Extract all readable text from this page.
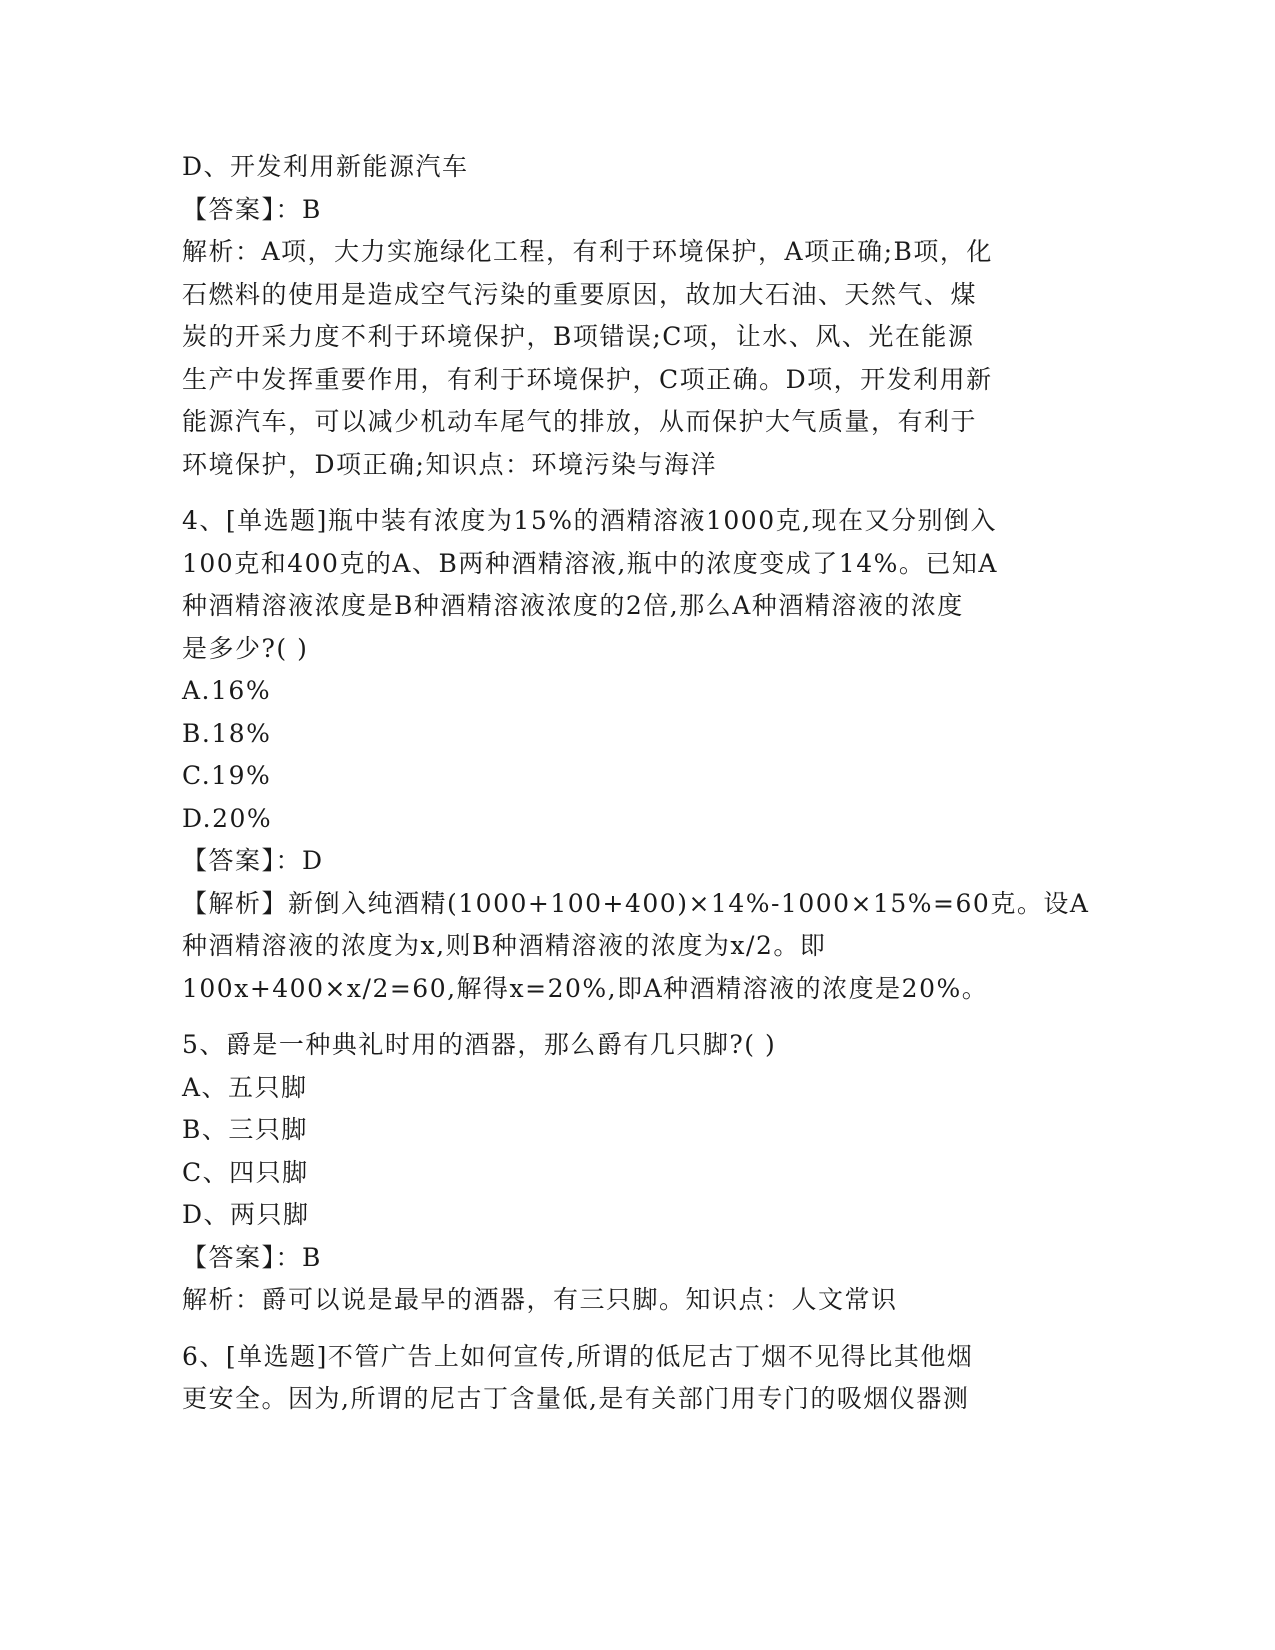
D、开发利用新能源汽车

【答案】：B

解析：A项，大力实施绿化工程，有利于环境保护，A项正确;B项，化

石燃料的使用是造成空气污染的重要原因，故加大石油、天然气、煤

炭的开采力度不利于环境保护，B项错误;C项，让水、风、光在能源

生产中发挥重要作用，有利于环境保护，C项正确。D项，开发利用新

能源汽车，可以减少机动车尾气的排放，从而保护大气质量，有利于

环境保护，D项正确;知识点：环境污染与海洋

4、[单选题]瓶中装有浓度为15%的酒精溶液1000克,现在又分别倒入

100克和400克的A、B两种酒精溶液,瓶中的浓度变成了14%。已知A

种酒精溶液浓度是B种酒精溶液浓度的2倍,那么A种酒精溶液的浓度

是多少?( )

A.16%

B.18%

C.19%

D.20%

【答案】：D

【解析】新倒入纯酒精(1000+100+400)×14%-1000×15%=60克。设A

种酒精溶液的浓度为x,则B种酒精溶液的浓度为x/2。即

100x+400×x/2=60,解得x=20%,即A种酒精溶液的浓度是20%。

5、爵是一种典礼时用的酒器，那么爵有几只脚?( )

A、五只脚

B、三只脚

C、四只脚

D、两只脚

【答案】：B

解析：爵可以说是最早的酒器，有三只脚。知识点：人文常识

6、[单选题]不管广告上如何宣传,所谓的低尼古丁烟不见得比其他烟

更安全。因为,所谓的尼古丁含量低,是有关部门用专门的吸烟仪器测
